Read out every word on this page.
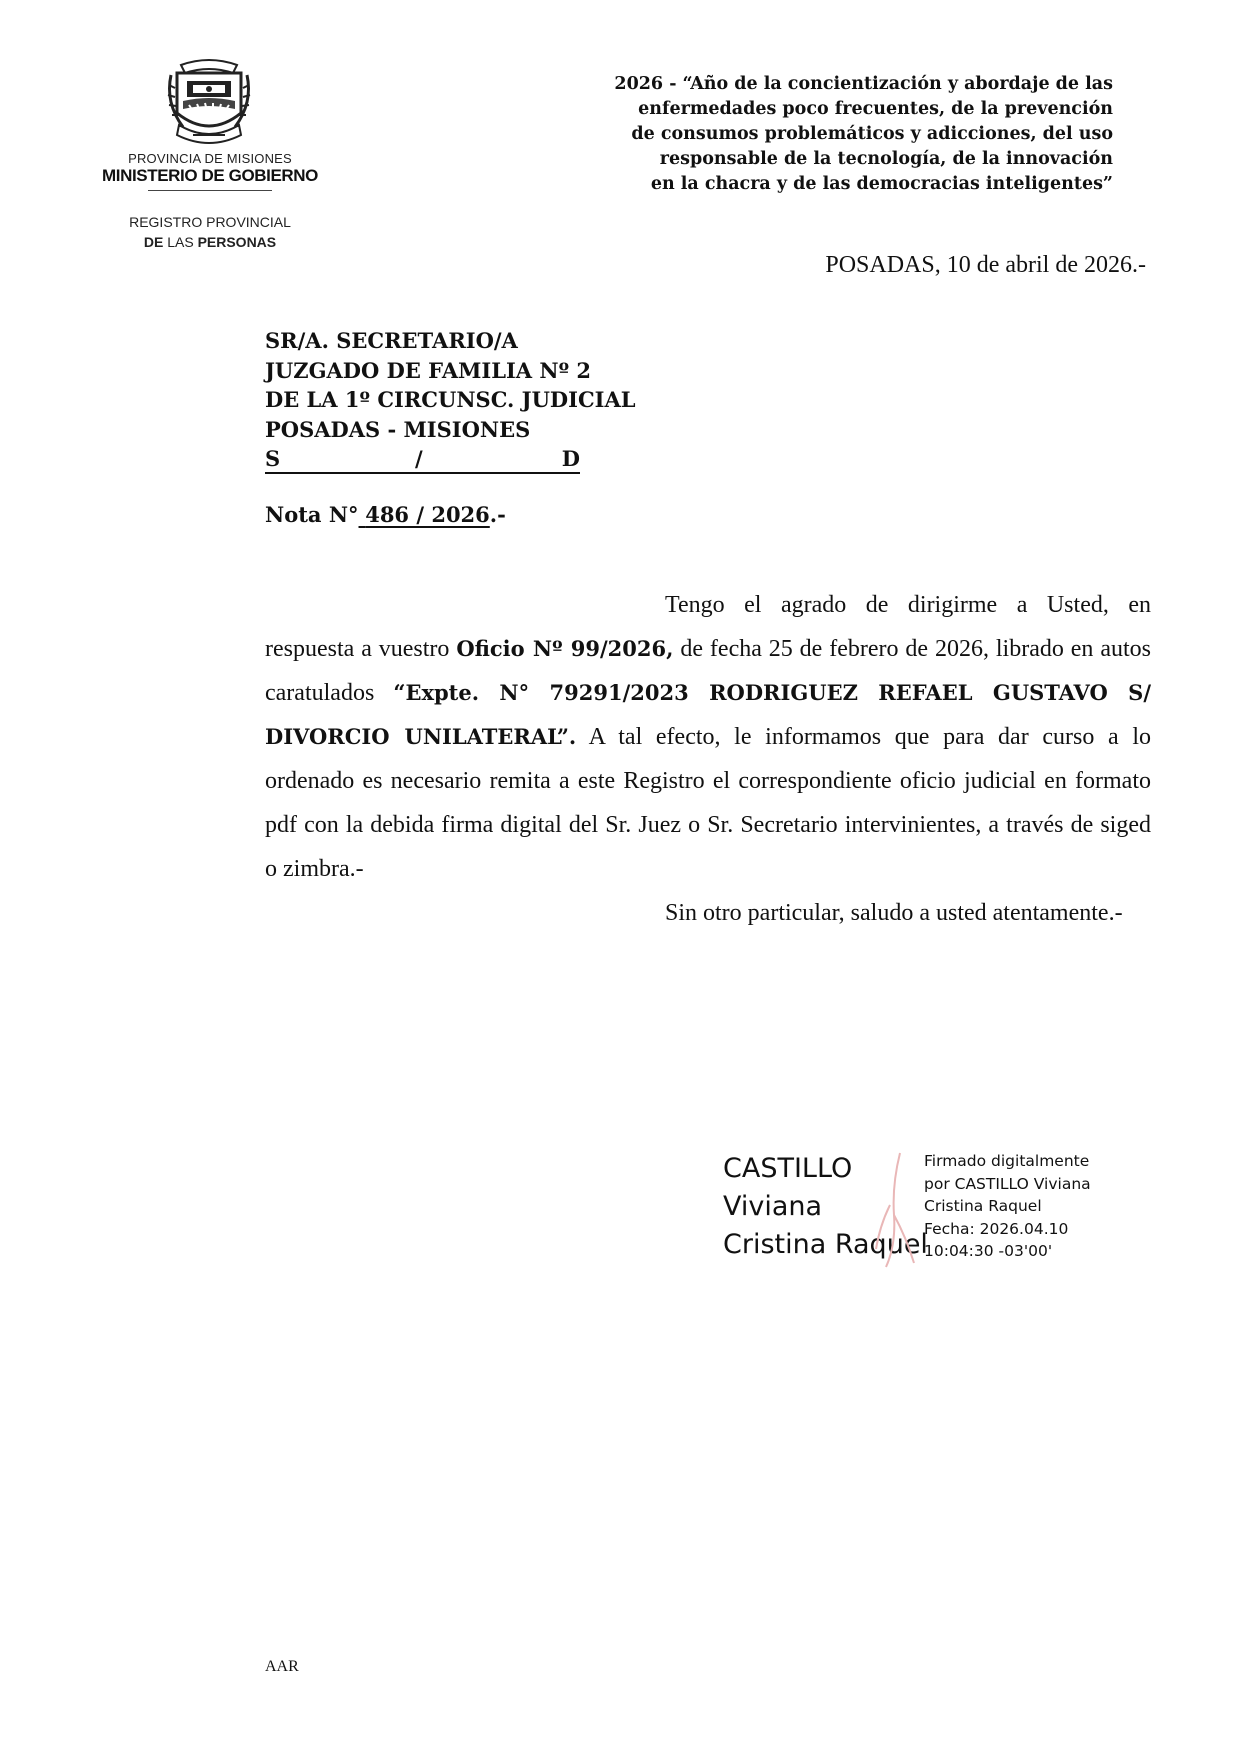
PROVINCIA DE MISIONES
MINISTERIO DE GOBIERNO
REGISTRO PROVINCIAL
DE LAS PERSONAS
2026 - “Año de la concientización y abordaje de las
enfermedades poco frecuentes, de la prevención
de consumos problemáticos y adicciones, del uso
responsable de la tecnología, de la innovación
en la chacra y de las democracias inteligentes”
POSADAS, 10 de abril de 2026.-
SR/A. SECRETARIO/A
JUZGADO DE FAMILIA Nº 2
DE LA 1º CIRCUNSC. JUDICIAL
POSADAS - MISIONES
S	/	D
Nota N° 486 / 2026.-

Tengo el agrado de dirigirme a Usted, en respuesta a vuestro Oficio Nº 99/2026, de fecha 25 de febrero de 2026, librado en autos caratulados “Expte. N° 79291/2023 RODRIGUEZ REFAEL GUSTAVO S/ DIVORCIO UNILATERAL”. A tal efecto, le informamos que para dar curso a lo ordenado es necesario remita a este Registro el correspondiente oficio judicial en formato pdf con la debida firma digital del Sr. Juez o Sr. Secretario intervinientes, a través de siged o zimbra.-

Sin otro particular, saludo a usted atentamente.-

CASTILLO
Viviana
Cristina Raquel
Firmado digitalmente
por CASTILLO Viviana
Cristina Raquel
Fecha: 2026.04.10
10:04:30 -03'00'
AAR
